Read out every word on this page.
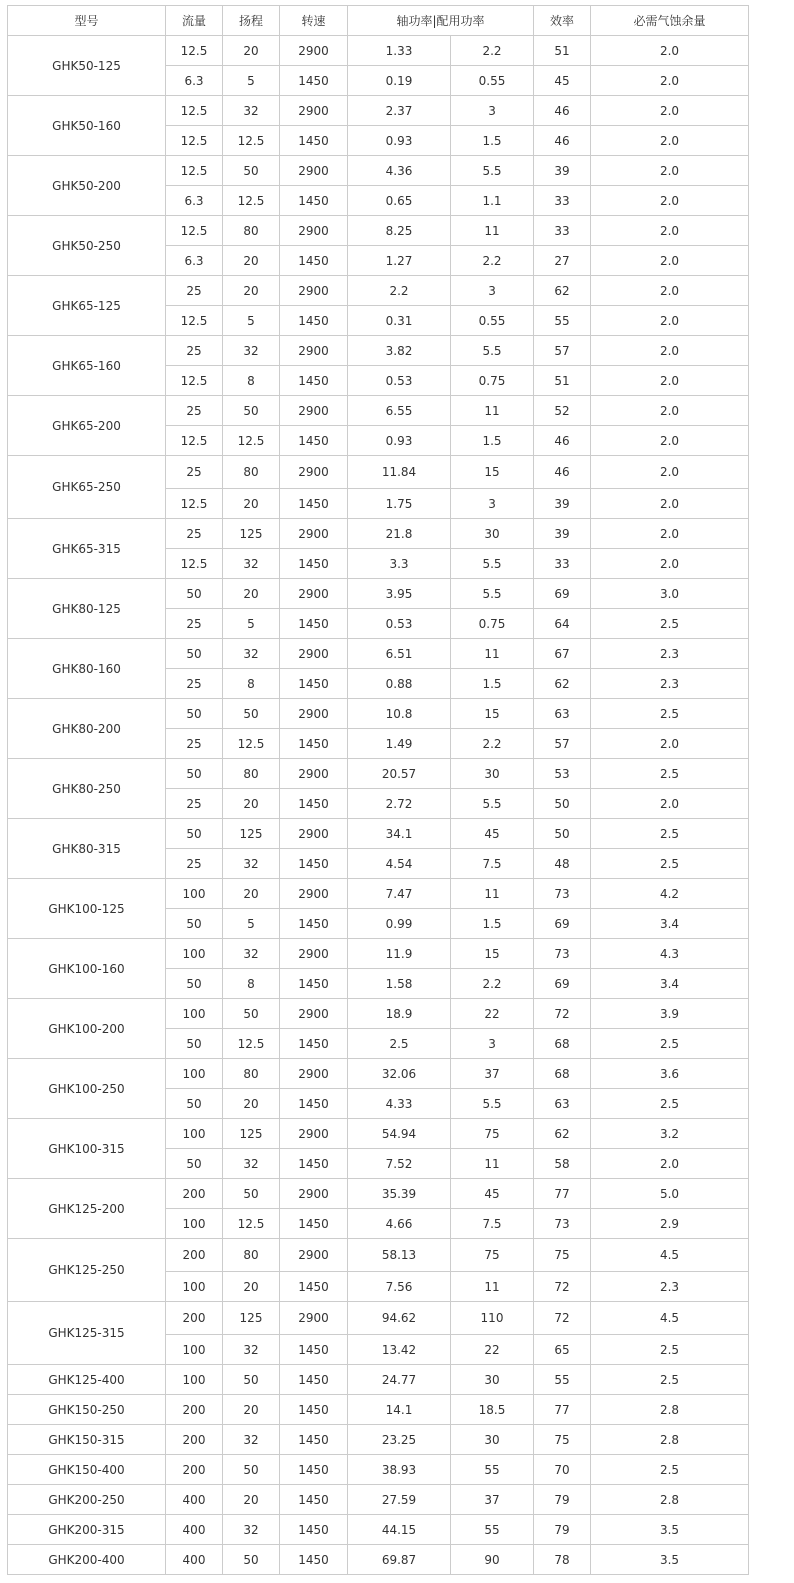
型号	流量	扬程	转速	轴功率|配用功率		效率	必需气蚀余量
GHK50-125	12.5	20	2900	1.33	2.2	51	2.0
	6.3	5	1450	0.19	0.55	45	2.0
GHK50-160	12.5	32	2900	2.37	3	46	2.0
	12.5	12.5	1450	0.93	1.5	46	2.0
GHK50-200	12.5	50	2900	4.36	5.5	39	2.0
	6.3	12.5	1450	0.65	1.1	33	2.0
GHK50-250	12.5	80	2900	8.25	11	33	2.0
	6.3	20	1450	1.27	2.2	27	2.0
GHK65-125	25	20	2900	2.2	3	62	2.0
	12.5	5	1450	0.31	0.55	55	2.0
GHK65-160	25	32	2900	3.82	5.5	57	2.0
	12.5	8	1450	0.53	0.75	51	2.0
GHK65-200	25	50	2900	6.55	11	52	2.0
	12.5	12.5	1450	0.93	1.5	46	2.0
GHK65-250	25	80	2900	11.84	15	46	2.0
	12.5	20	1450	1.75	3	39	2.0
GHK65-315	25	125	2900	21.8	30	39	2.0
	12.5	32	1450	3.3	5.5	33	2.0
GHK80-125	50	20	2900	3.95	5.5	69	3.0
	25	5	1450	0.53	0.75	64	2.5
GHK80-160	50	32	2900	6.51	11	67	2.3
	25	8	1450	0.88	1.5	62	2.3
GHK80-200	50	50	2900	10.8	15	63	2.5
	25	12.5	1450	1.49	2.2	57	2.0
GHK80-250	50	80	2900	20.57	30	53	2.5
	25	20	1450	2.72	5.5	50	2.0
GHK80-315	50	125	2900	34.1	45	50	2.5
	25	32	1450	4.54	7.5	48	2.5
GHK100-125	100	20	2900	7.47	11	73	4.2
	50	5	1450	0.99	1.5	69	3.4
GHK100-160	100	32	2900	11.9	15	73	4.3
	50	8	1450	1.58	2.2	69	3.4
GHK100-200	100	50	2900	18.9	22	72	3.9
	50	12.5	1450	2.5	3	68	2.5
GHK100-250	100	80	2900	32.06	37	68	3.6
	50	20	1450	4.33	5.5	63	2.5
GHK100-315	100	125	2900	54.94	75	62	3.2
	50	32	1450	7.52	11	58	2.0
GHK125-200	200	50	2900	35.39	45	77	5.0
	100	12.5	1450	4.66	7.5	73	2.9
GHK125-250	200	80	2900	58.13	75	75	4.5
	100	20	1450	7.56	11	72	2.3
GHK125-315	200	125	2900	94.62	110	72	4.5
	100	32	1450	13.42	22	65	2.5
GHK125-400	100	50	1450	24.77	30	55	2.5
GHK150-250	200	20	1450	14.1	18.5	77	2.8
GHK150-315	200	32	1450	23.25	30	75	2.8
GHK150-400	200	50	1450	38.93	55	70	2.5
GHK200-250	400	20	1450	27.59	37	79	2.8
GHK200-315	400	32	1450	44.15	55	79	3.5
GHK200-400	400	50	1450	69.87	90	78	3.5
